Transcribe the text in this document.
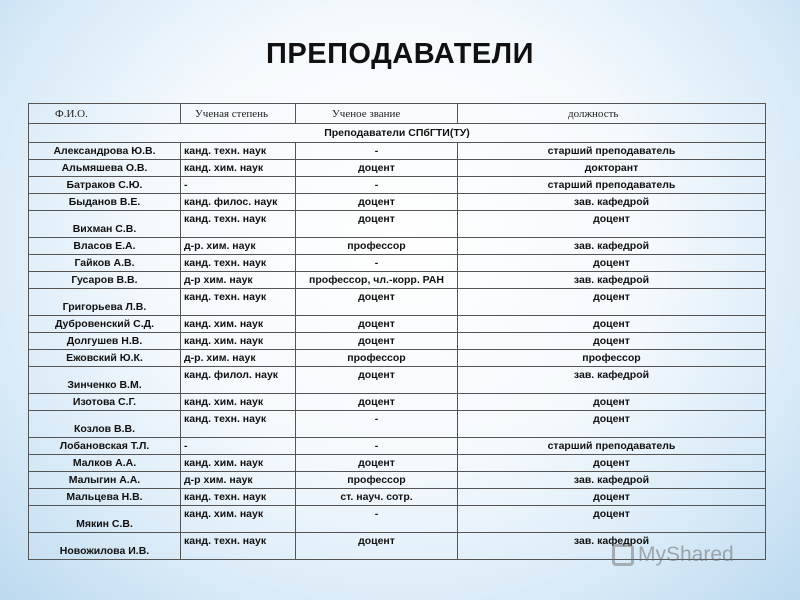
ПРЕПОДАВАТЕЛИ
Ф.И.О.	Ученая степень	Ученое звание	должность
Преподаватели СПбГТИ(ТУ)			
Александрова Ю.В.	канд. техн. наук	-	старший преподаватель
Альмяшева О.В.	канд. хим. наук	доцент	докторант
Батраков С.Ю.	-	-	старший преподаватель
Быданов В.Е.	канд. филос. наук	доцент	зав. кафедрой
Вихман С.В.	канд. техн. наук	доцент	доцент
Власов Е.А.	д-р. хим. наук	профессор	зав. кафедрой
Гайков А.В.	канд. техн. наук	-	доцент
Гусаров В.В.	д-р хим. наук	профессор, чл.-корр. РАН	зав. кафедрой
Григорьева Л.В.	канд. техн. наук	доцент	доцент
Дубровенский С.Д.	канд. хим. наук	доцент	доцент
Долгушев Н.В.	канд. хим. наук	доцент	доцент
Ежовский Ю.К.	д-р. хим. наук	профессор	профессор
Зинченко В.М.	канд. филол. наук	доцент	зав. кафедрой
Изотова С.Г.	канд. хим. наук	доцент	доцент
Козлов В.В.	канд. техн. наук	-	доцент
Лобановская Т.Л.	-	-	старший преподаватель
Малков А.А.	канд. хим. наук	доцент	доцент
Малыгин А.А.	д-р хим. наук	профессор	зав. кафедрой
Мальцева Н.В.	канд. техн. наук	ст. науч. сотр.	доцент
Мякин С.В.	канд. хим. наук	-	доцент
Новожилова И.В.	канд. техн. наук	доцент	зав. кафедрой
MyShared
